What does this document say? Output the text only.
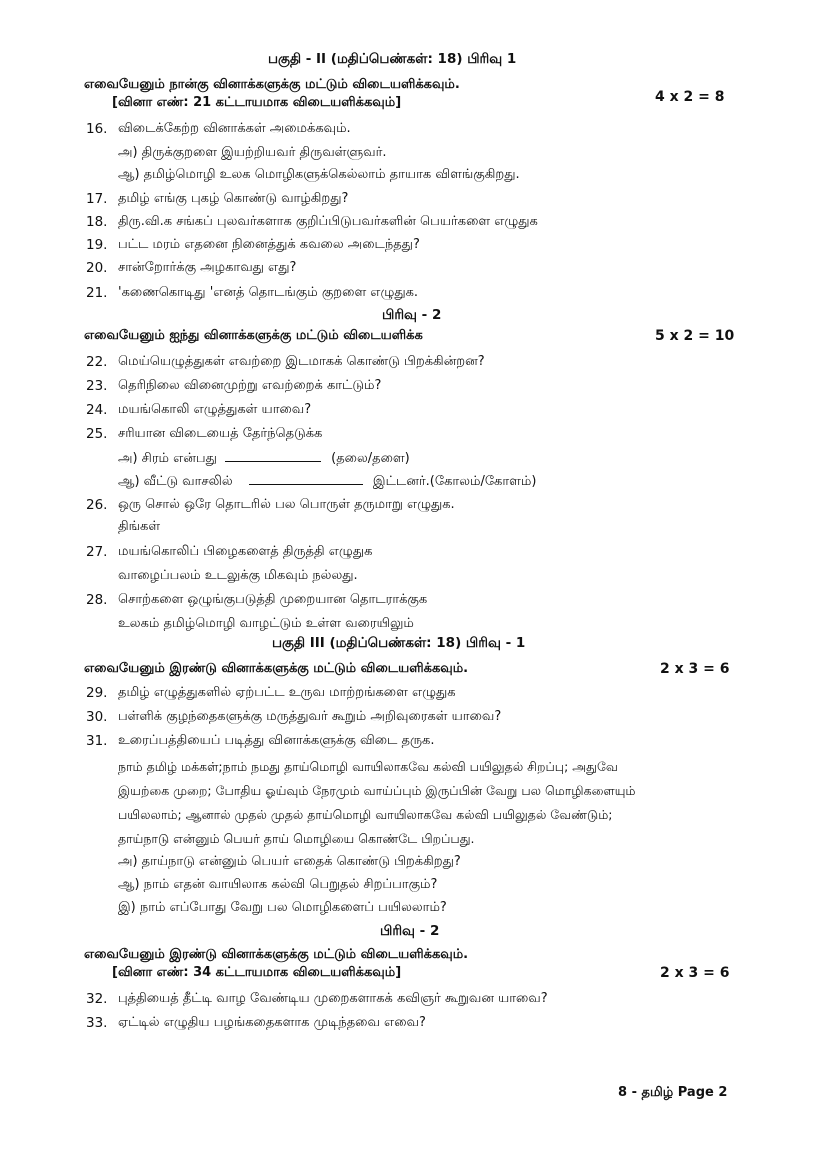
பகுதி - II (மதிப்பெண்கள்: 18) பிரிவு 1
எவையேனும் நான்கு வினாக்களுக்கு மட்டும் விடையளிக்கவும்.
[வினா எண்: 21 கட்டாயமாக விடையளிக்கவும்]	4 x 2 = 8
16. விடைக்கேற்ற வினாக்கள் அமைக்கவும்.
அ) திருக்குறளை இயற்றியவர் திருவள்ளுவர்.
ஆ) தமிழ்மொழி உலக மொழிகளுக்கெல்லாம் தாயாக விளங்குகிறது.
17. தமிழ் எங்கு புகழ் கொண்டு வாழ்கிறது?
18. திரு.வி.க சங்கப் புலவர்களாக குறிப்பிடுபவர்களின் பெயர்களை எழுதுக
19. பட்ட மரம் எதனை நினைத்துக் கவலை அடைந்தது?
20. சான்றோர்க்கு அழகாவது எது?
21. 'கணைகொடிது 'எனத் தொடங்கும் குறளை எழுதுக.
பிரிவு - 2
எவையேனும் ஐந்து வினாக்களுக்கு மட்டும் விடையளிக்க	5 x 2 = 10
22. மெய்யெழுத்துகள் எவற்றை இடமாகக் கொண்டு பிறக்கின்றன?
23. தெரிநிலை வினைமுற்று எவற்றைக் காட்டும்?
24. மயங்கொலி எழுத்துகள் யாவை?
25. சரியான விடையைத் தேர்ந்தெடுக்க
அ) சிரம் என்பது	(தலை/தளை)
ஆ) வீட்டு வாசலில்	இட்டனர்.(கோலம்/கோளம்)
26. ஒரு சொல் ஒரே தொடரில் பல பொருள் தருமாறு எழுதுக.
திங்கள்
27. மயங்கொலிப் பிழைகளைத் திருத்தி எழுதுக
வாழைப்பலம் உடலுக்கு மிகவும் நல்லது.
28. சொற்களை ஒழுங்குபடுத்தி முறையான தொடராக்குக
உலகம் தமிழ்மொழி வாழட்டும் உள்ள வரையிலும்
பகுதி III (மதிப்பெண்கள்: 18) பிரிவு - 1
எவையேனும் இரண்டு வினாக்களுக்கு மட்டும் விடையளிக்கவும்.	2 x 3 = 6
29. தமிழ் எழுத்துகளில் ஏற்பட்ட உருவ மாற்றங்களை எழுதுக
30. பள்ளிக் குழந்தைகளுக்கு மருத்துவர் கூறும் அறிவுரைகள் யாவை?
31. உரைப்பத்தியைப் படித்து வினாக்களுக்கு விடை தருக.
நாம் தமிழ் மக்கள்;நாம் நமது தாய்மொழி வாயிலாகவே கல்வி பயிலுதல் சிறப்பு; அதுவே
இயற்கை முறை; போதிய ஓய்வும் நேரமும் வாய்ப்பும் இருப்பின் வேறு பல மொழிகளையும்
பயிலலாம்; ஆனால் முதல் முதல் தாய்மொழி வாயிலாகவே கல்வி பயிலுதல் வேண்டும்;
தாய்நாடு என்னும் பெயர் தாய் மொழியை கொண்டே பிறப்பது.
அ) தாய்நாடு என்னும் பெயர் எதைக் கொண்டு பிறக்கிறது?
ஆ) நாம் எதன் வாயிலாக கல்வி பெறுதல் சிறப்பாகும்?
இ) நாம் எப்போது வேறு பல மொழிகளைப் பயிலலாம்?
பிரிவு - 2
எவையேனும் இரண்டு வினாக்களுக்கு மட்டும் விடையளிக்கவும்.
[வினா எண்: 34 கட்டாயமாக விடையளிக்கவும்]	2 x 3 = 6
32. புத்தியைத் தீட்டி வாழ வேண்டிய முறைகளாகக் கவிஞர் கூறுவன யாவை?
33. ஏட்டில் எழுதிய பழங்கதைகளாக முடிந்தவை எவை?
8 - தமிழ் Page 2
